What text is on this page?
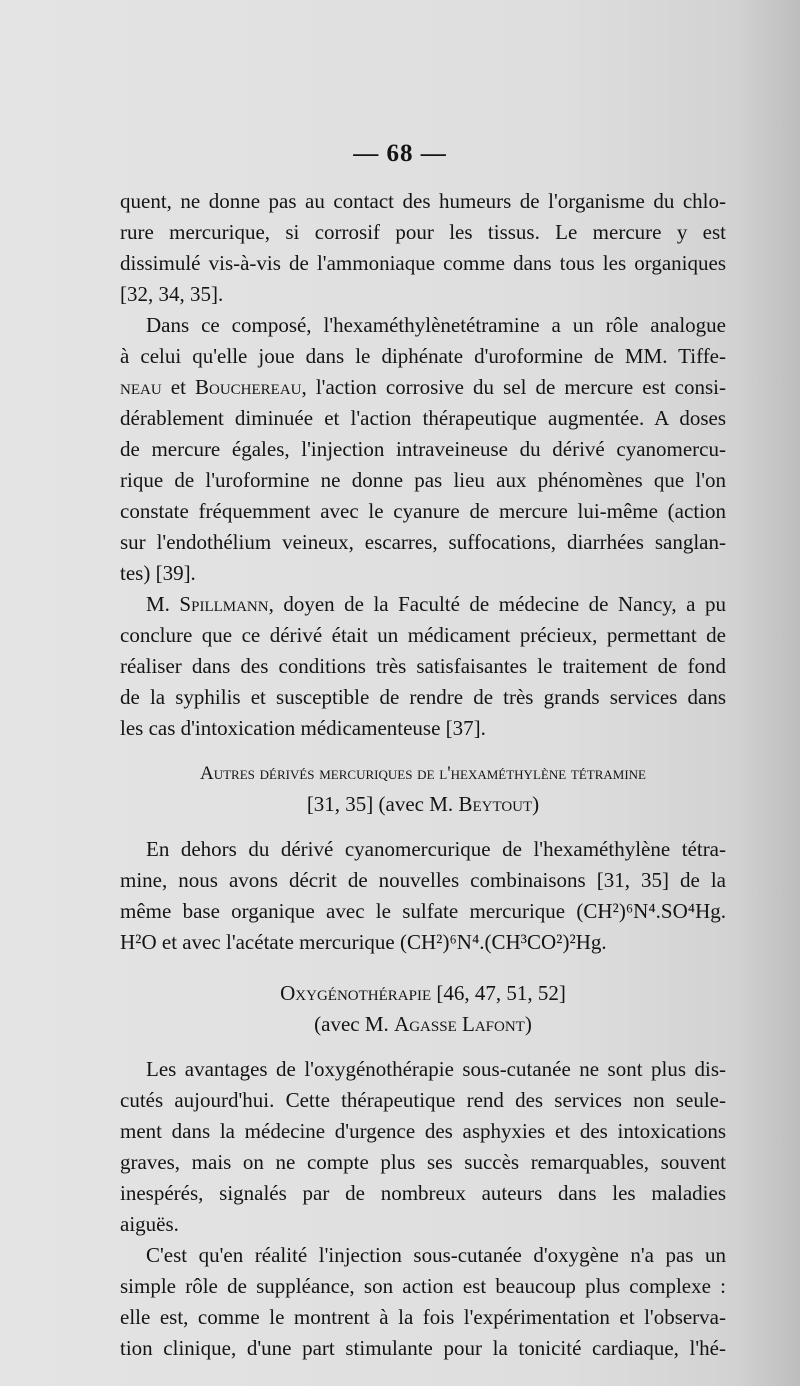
— 68 —
quent, ne donne pas au contact des humeurs de l'organisme du chlo-
rure mercurique, si corrosif pour les tissus. Le mercure y est
dissimulé vis-à-vis de l'ammoniaque comme dans tous les organiques
[32, 34, 35].
Dans ce composé, l'hexaméthylènetétramine a un rôle analogue
à celui qu'elle joue dans le diphénate d'uroformine de MM. Tiffe-
neau et Bouchereau, l'action corrosive du sel de mercure est consi-
dérablement diminuée et l'action thérapeutique augmentée. A doses
de mercure égales, l'injection intraveineuse du dérivé cyanomercu-
rique de l'uroformine ne donne pas lieu aux phénomènes que l'on
constate fréquemment avec le cyanure de mercure lui-même (action
sur l'endothélium veineux, escarres, suffocations, diarrhées sanglan-
tes) [39].
M. Spillmann, doyen de la Faculté de médecine de Nancy, a pu
conclure que ce dérivé était un médicament précieux, permettant de
réaliser dans des conditions très satisfaisantes le traitement de fond
de la syphilis et susceptible de rendre de très grands services dans
les cas d'intoxication médicamenteuse [37].
Autres dérivés mercuriques de l'hexaméthylène tétramine
[31, 35] (avec M. Beytout)
En dehors du dérivé cyanomercurique de l'hexaméthylène tétra-
mine, nous avons décrit de nouvelles combinaisons [31, 35] de la
même base organique avec le sulfate mercurique (CH²)⁶N⁴.SO⁴Hg.
H²O et avec l'acétate mercurique (CH²)⁶N⁴.(CH³CO²)²Hg.
Oxygénothérapie [46, 47, 51, 52]
(avec M. Agasse Lafont)
Les avantages de l'oxygénothérapie sous-cutanée ne sont plus dis-
cutés aujourd'hui. Cette thérapeutique rend des services non seule-
ment dans la médecine d'urgence des asphyxies et des intoxications
graves, mais on ne compte plus ses succès remarquables, souvent
inespérés, signalés par de nombreux auteurs dans les maladies
aiguës.
C'est qu'en réalité l'injection sous-cutanée d'oxygène n'a pas un
simple rôle de suppléance, son action est beaucoup plus complexe :
elle est, comme le montrent à la fois l'expérimentation et l'observa-
tion clinique, d'une part stimulante pour la tonicité cardiaque, l'hé-
